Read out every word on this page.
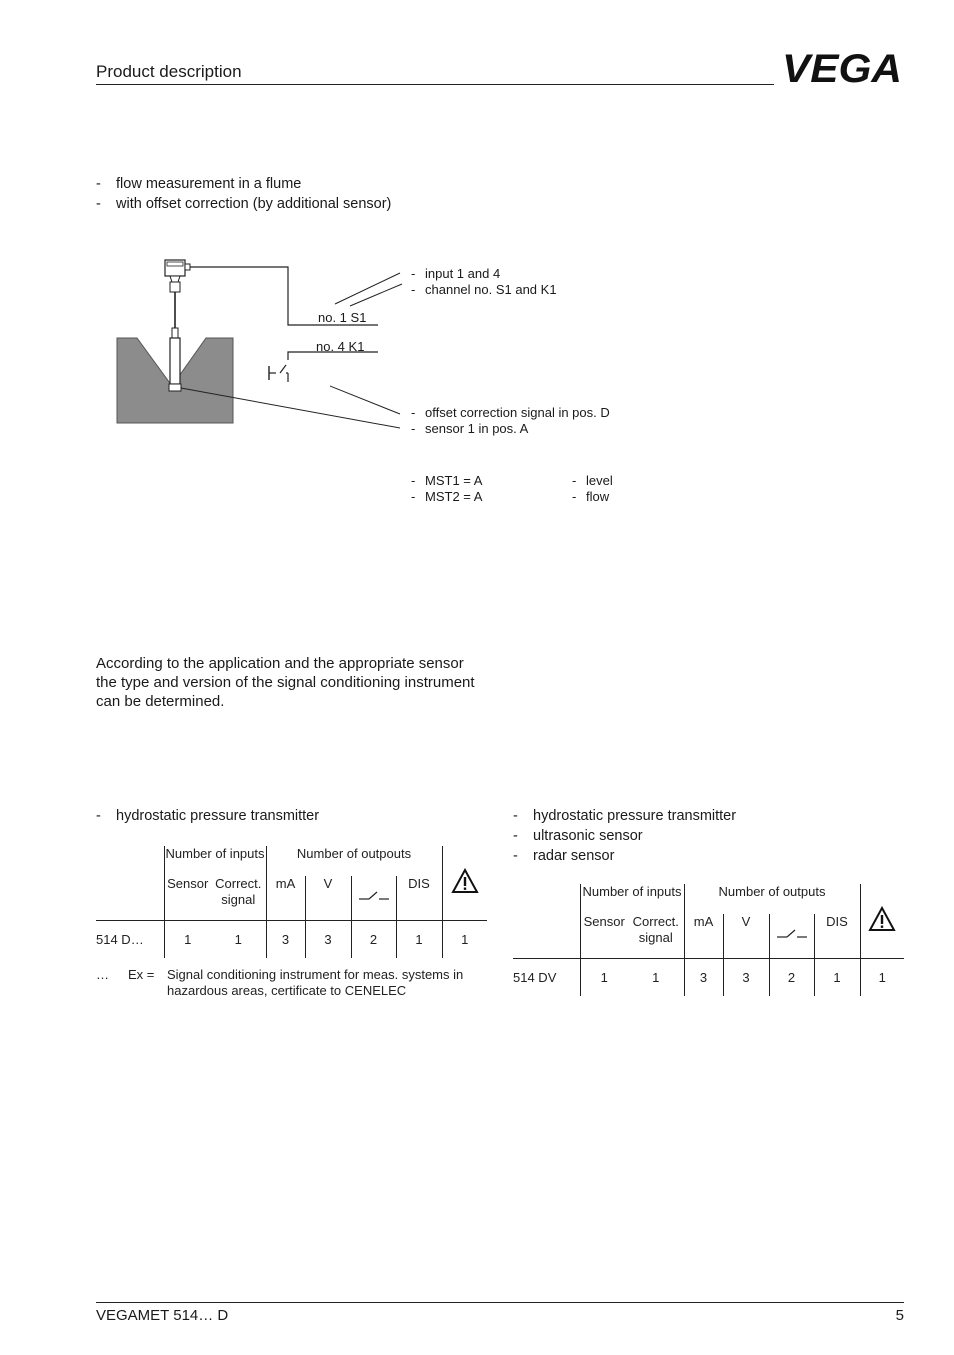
Product description	VEGA
- flow measurement in a flume
- with offset correction (by additional sensor)
no. 1 S1
no. 4 K1
- input 1 and 4
- channel no. S1 and K1
- offset correction signal in pos. D
- sensor 1 in pos. A
- MST1 = A
- MST2 = A
- level
- flow

According to the application and the appropriate sensor the type and version of the signal conditioning instrument can be determined.

- hydrostatic pressure transmitter
	Number of inputs		Number of outpouts	
	Sensor	Correct. signal	mA	V		DIS	
514 D…	1	1	3	3	2	1	1
… Ex = Signal conditioning instrument for meas. systems in hazardous areas, certificate to CENELEC
- hydrostatic pressure transmitter
- ultrasonic sensor
- radar sensor
	Number of inputs		Number of outputs	
	Sensor	Correct. signal	mA	V		DIS	
514 DV	1	1	3	3	2	1	1
VEGAMET 514… D	5
